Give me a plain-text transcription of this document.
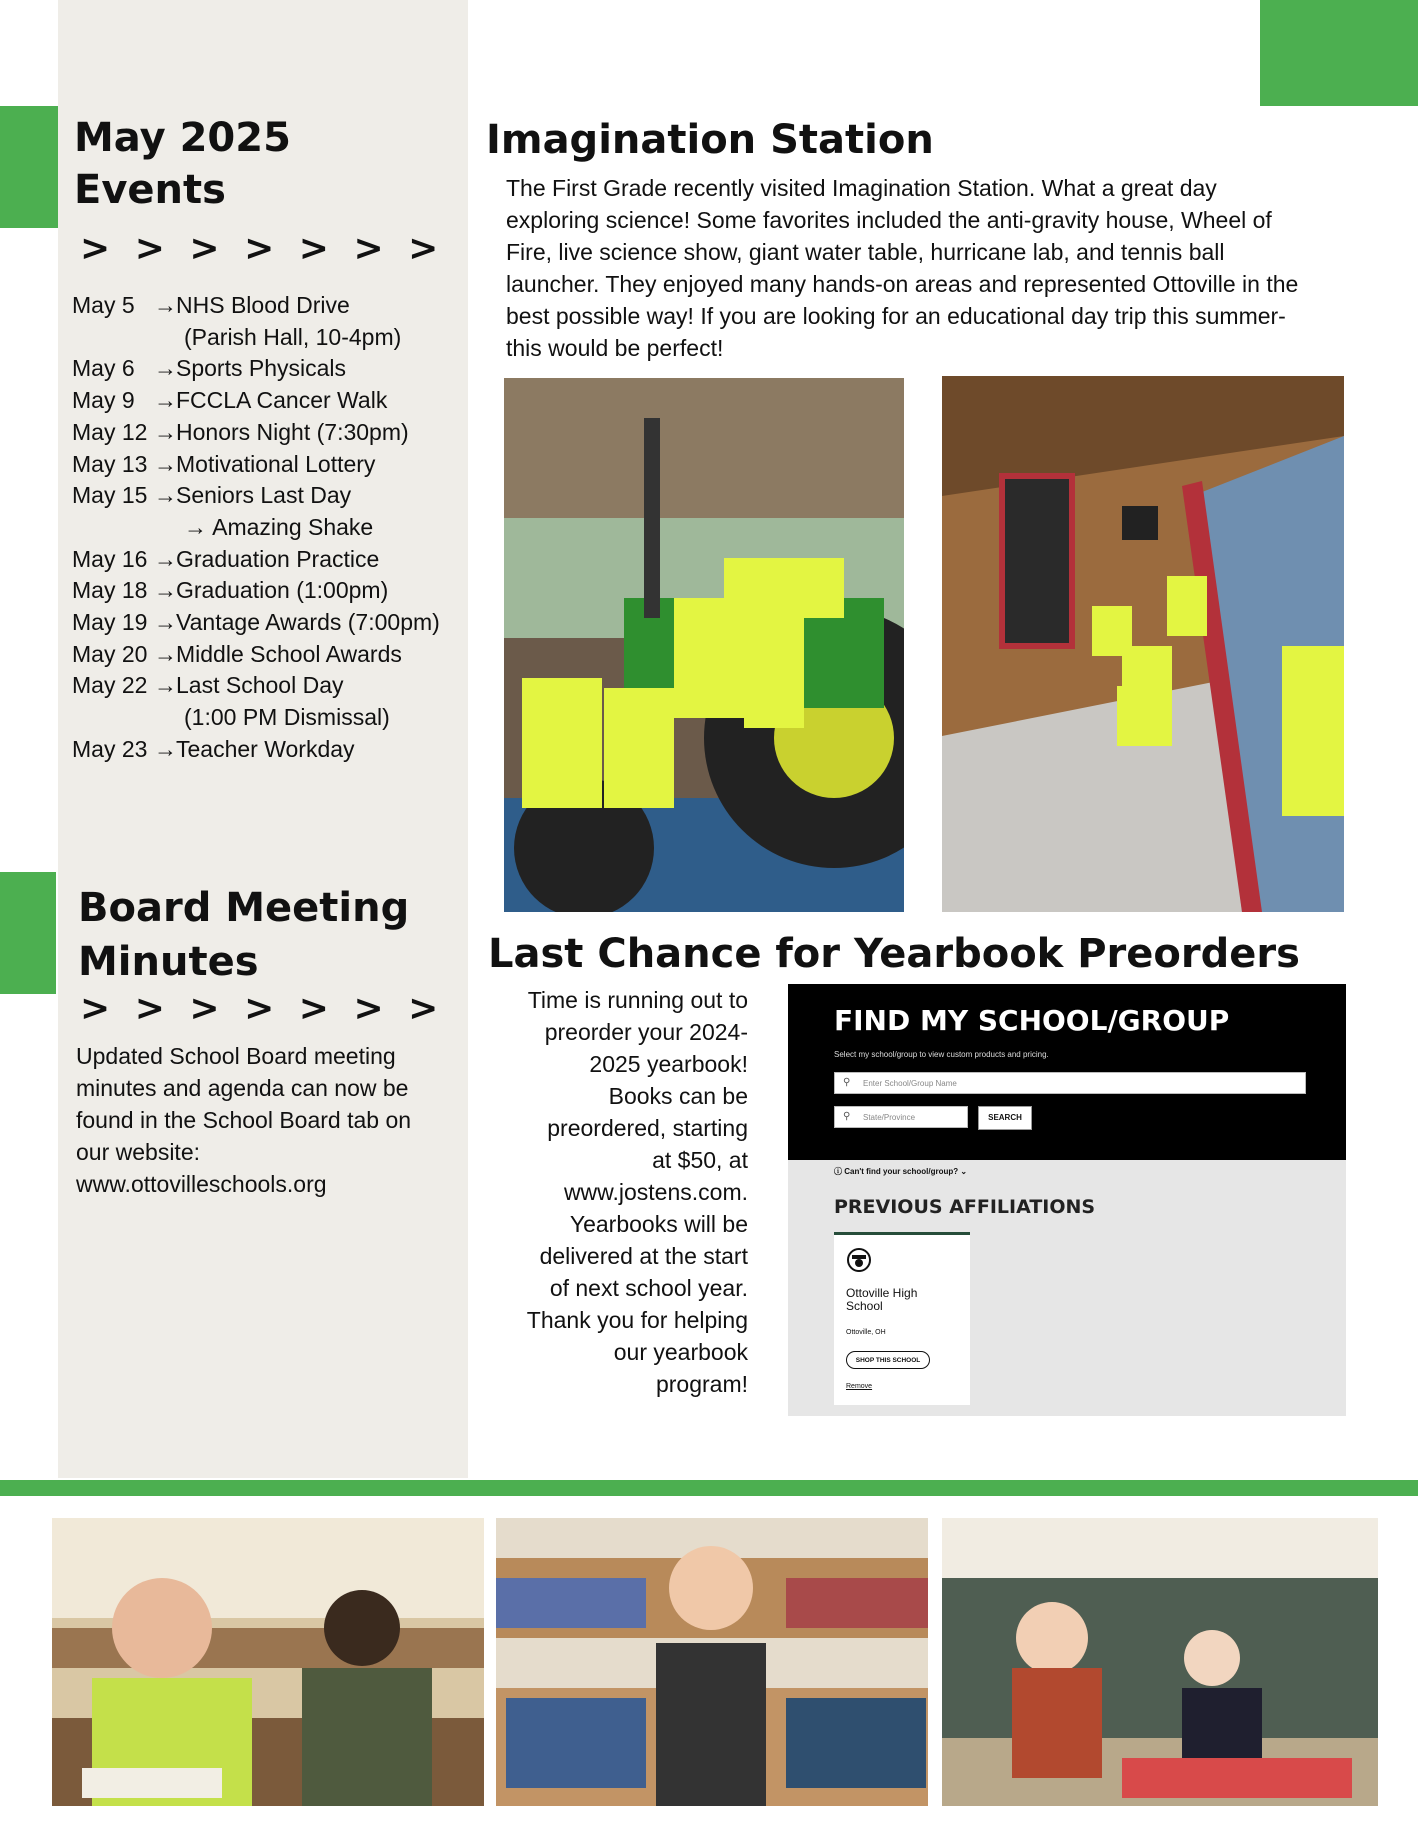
May 2025

Events

> > > > > > >

May 5 → NHS Blood Drive
(Parish Hall, 10-4pm)
May 6 → Sports Physicals
May 9 → FCCLA Cancer Walk
May 12 → Honors Night (7:30pm)
May 13 → Motivational Lottery
May 15 → Seniors Last Day
→ Amazing Shake
May 16 → Graduation Practice
May 18 → Graduation (1:00pm)
May 19 → Vantage Awards (7:00pm)
May 20 → Middle School Awards
May 22 → Last School Day
(1:00 PM Dismissal)
May 23 → Teacher Workday

Board Meeting

Minutes

> > > > > > >

Updated School Board meeting
minutes and agenda can now be
found in the School Board tab on
our website:
www.ottovilleschools.org

Imagination Station

The First Grade recently visited Imagination Station. What a great day
exploring science! Some favorites included the anti-gravity house, Wheel of
Fire, live science show, giant water table, hurricane lab, and tennis ball
launcher. They enjoyed many hands-on areas and represented Ottoville in the
best possible way! If you are looking for an educational day trip this summer-
this would be perfect!

Last Chance for Yearbook Preorders

Time is running out to
preorder your 2024-
2025 yearbook!
Books can be
preordered, starting
at $50, at
www.jostens.com.
Yearbooks will be
delivered at the start
of next school year.
Thank you for helping
our yearbook
program!
FIND MY SCHOOL/GROUP
Select my school/group to view custom products and pricing.
⚲ Enter School/Group Name
⚲ State/Province	SEARCH
ⓘ Can't find your school/group? ⌄
PREVIOUS AFFILIATIONS
Ottoville High
School
Ottoville, OH
SHOP THIS SCHOOL
Remove
